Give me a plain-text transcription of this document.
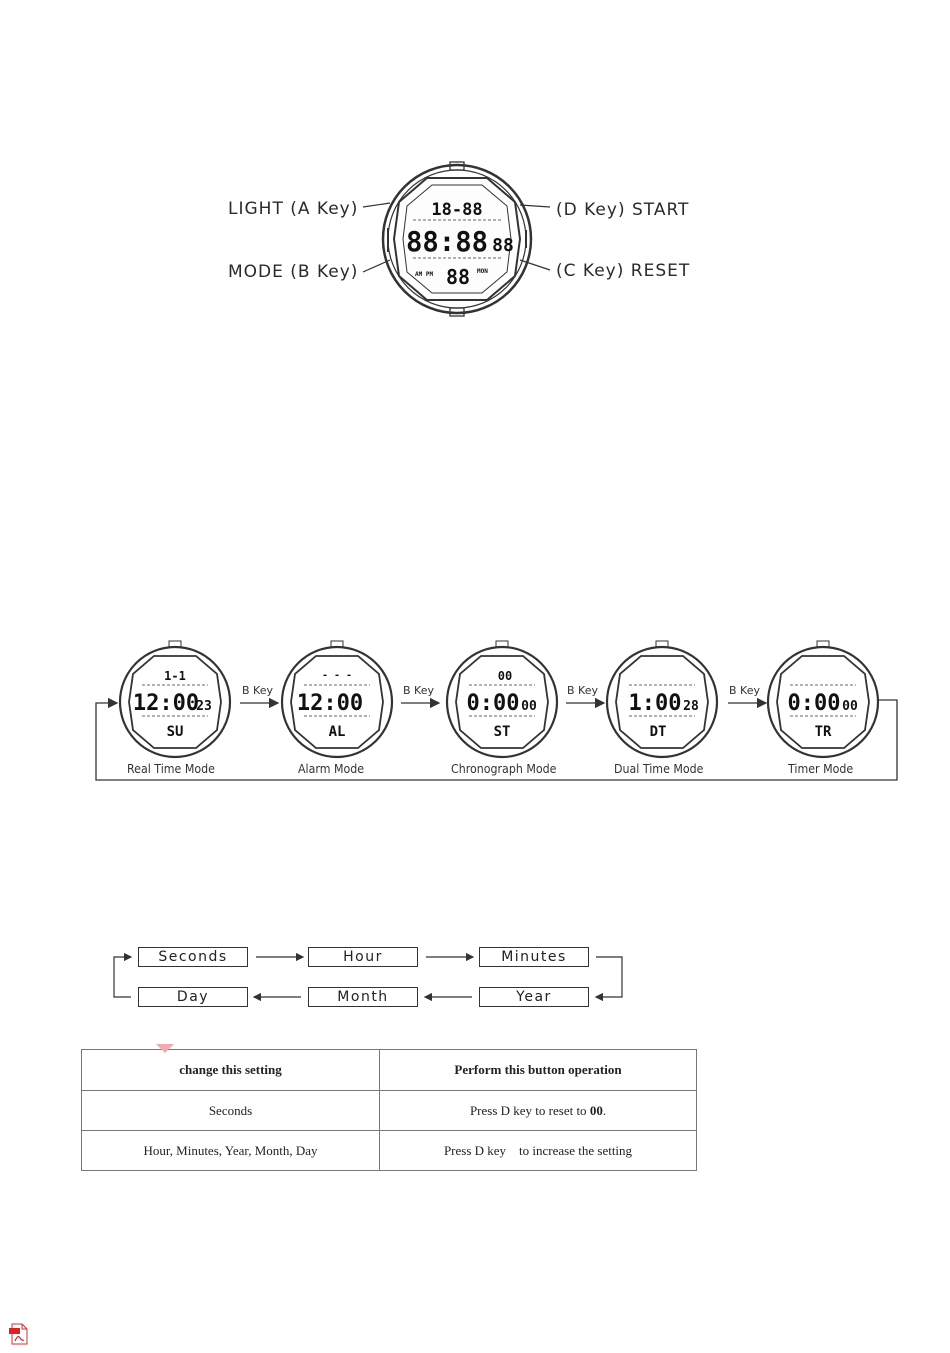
LIGHT (A Key)
MODE (B Key)
(D Key) START
(C Key) RESET
18-88
88:88 88
88
AM PM	MON
B Key	B Key	B Key	B Key
1-1
12:00
23
SU
- - -
12:00
AL
00
0:00 00
ST
1:00 28
DT
0:00 00
TR
Real Time Mode	Alarm Mode	Chronograph Mode	Dual Time Mode	Timer Mode
Seconds	Hour	Minutes
Day	Month	Year
change this setting	Perform this button operation
Seconds	Press D key to reset to 00.
Hour, Minutes, Year, Month, Day	Press D key    to increase the setting
